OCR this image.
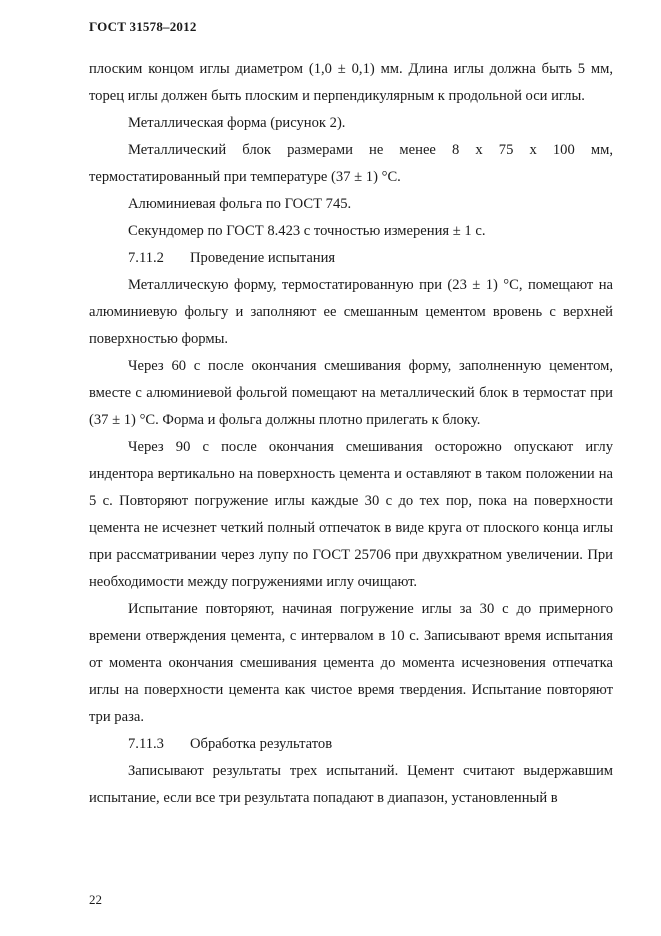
ГОСТ 31578–2012

плоским концом иглы диаметром (1,0 ± 0,1) мм. Длина иглы должна быть 5 мм, торец иглы должен быть плоским и перпендикулярным к продольной оси иглы.

Металлическая форма (рисунок 2).

Металлический блок размерами не менее 8 х 75 х 100 мм, термостатированный при температуре (37 ± 1) °С.

Алюминиевая фольга по ГОСТ 745.

Секундомер по ГОСТ 8.423 с точностью измерения ± 1 с.

7.11.2 Проведение испытания

Металлическую форму, термостатированную при (23 ± 1) °С, помещают на алюминиевую фольгу и заполняют ее смешанным цементом вровень с верхней поверхностью формы.

Через 60 с после окончания смешивания форму, заполненную цементом, вместе с алюминиевой фольгой помещают на металлический блок в термостат при (37 ± 1) °С. Форма и фольга должны плотно прилегать к блоку.

Через 90 с после окончания смешивания осторожно опускают иглу индентора вертикально на поверхность цемента и оставляют в таком положении на 5 с. Повторяют погружение иглы каждые 30 с до тех пор, пока на поверхности цемента не исчезнет четкий полный отпечаток в виде круга от плоского конца иглы при рассматривании через лупу по ГОСТ 25706 при двухкратном увеличении. При необходимости между погружениями иглу очищают.

Испытание повторяют, начиная погружение иглы за 30 с до примерного времени отверждения цемента, с интервалом в 10 с. Записывают время испытания от момента окончания смешивания цемента до момента исчезновения отпечатка иглы на поверхности цемента как чистое время твердения. Испытание повторяют три раза.

7.11.3 Обработка результатов

Записывают результаты трех испытаний. Цемент считают выдержавшим испытание, если все три результата попадают в диапазон, установленный в

22
